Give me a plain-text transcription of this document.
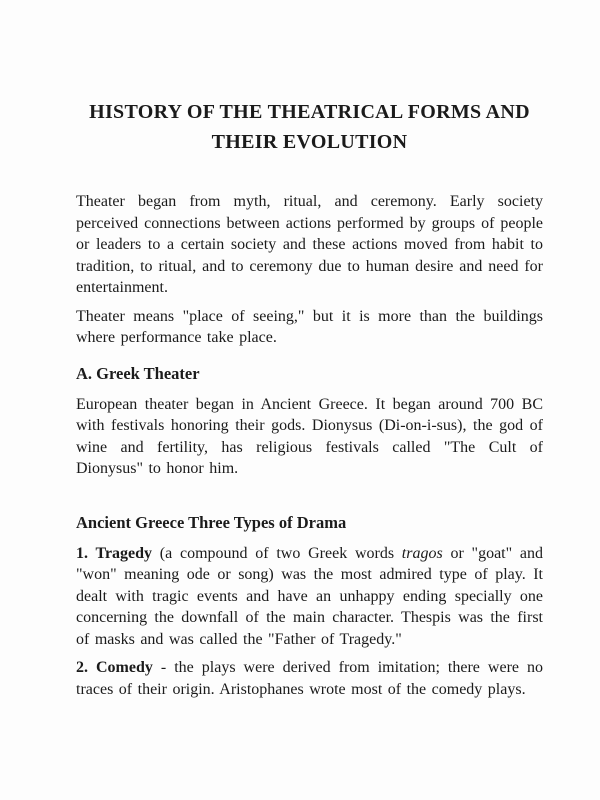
HISTORY OF THE THEATRICAL FORMS AND
THEIR EVOLUTION

Theater began from myth, ritual, and ceremony. Early society perceived connections between actions performed by groups of people or leaders to a certain society and these actions moved from habit to tradition, to ritual, and to ceremony due to human desire and need for entertainment.

Theater means "place of seeing," but it is more than the buildings where performance take place.

A. Greek Theater

European theater began in Ancient Greece. It began around 700 BC with festivals honoring their gods. Dionysus (Di-on-i-sus), the god of wine and fertility, has religious festivals called "The Cult of Dionysus" to honor him.

Ancient Greece Three Types of Drama

1. Tragedy (a compound of two Greek words tragos or "goat" and "won" meaning ode or song) was the most admired type of play. It dealt with tragic events and have an unhappy ending specially one concerning the downfall of the main character. Thespis was the first of masks and was called the "Father of Tragedy."

2. Comedy - the plays were derived from imitation; there were no traces of their origin. Aristophanes wrote most of the comedy plays.
